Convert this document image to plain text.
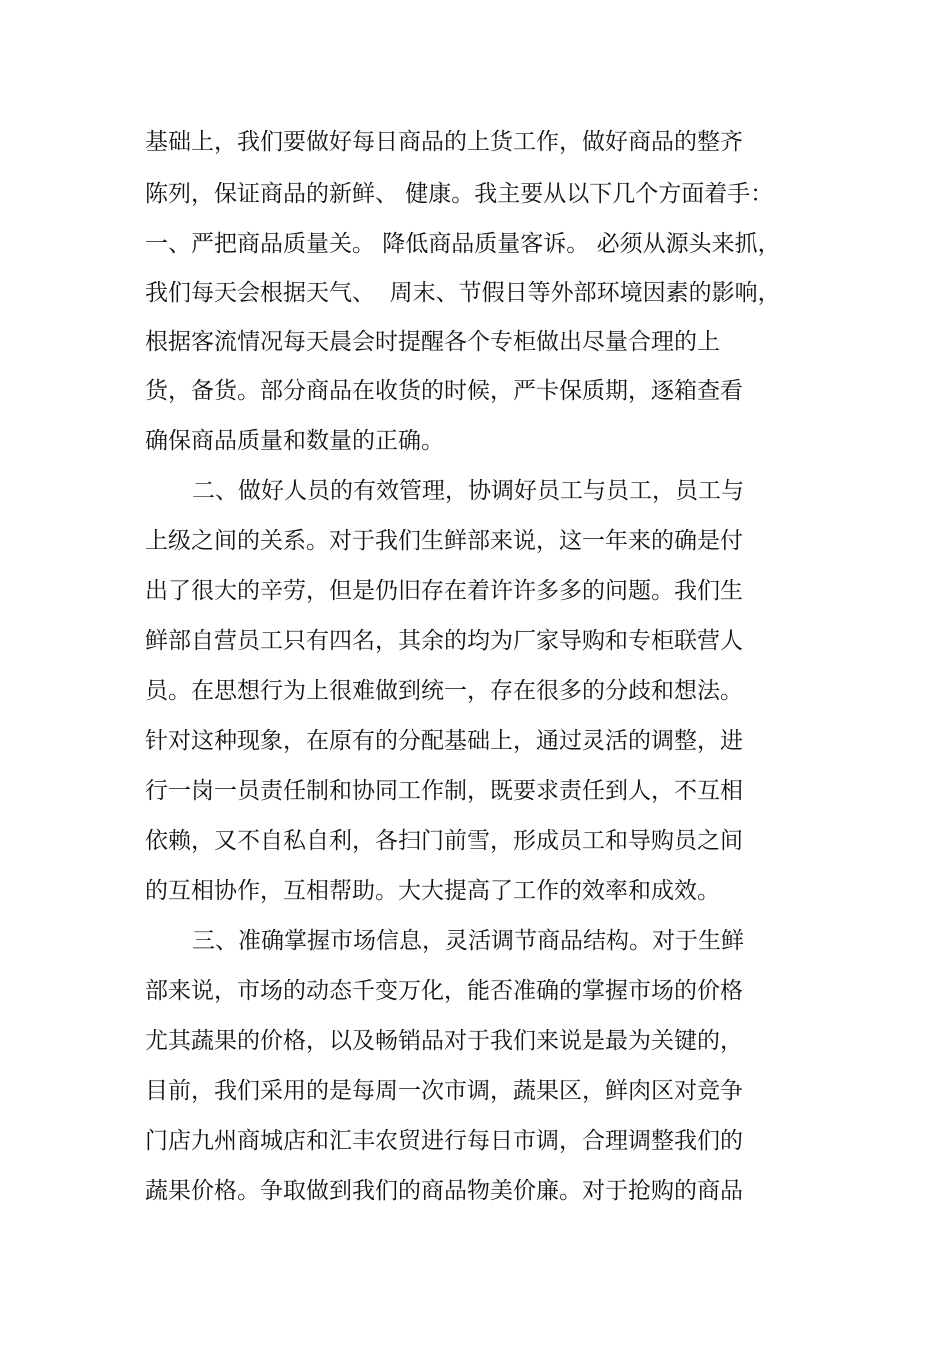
基础上，我们要做好每日商品的上货工作，做好商品的整齐
陈列，保证商品的新鲜、 健康。我主要从以下几个方面着手：
一、严把商品质量关。 降低商品质量客诉。 必须从源头来抓，
我们每天会根据天气、  周末、节假日等外部环境因素的影响，
根据客流情况每天晨会时提醒各个专柜做出尽量合理的上
货，备货。部分商品在收货的时候，严卡保质期，逐箱查看
确保商品质量和数量的正确。
二、做好人员的有效管理，协调好员工与员工，员工与
上级之间的关系。对于我们生鲜部来说，这一年来的确是付
出了很大的辛劳，但是仍旧存在着许许多多的问题。我们生
鲜部自营员工只有四名，其余的均为厂家导购和专柜联营人
员。在思想行为上很难做到统一，存在很多的分歧和想法。
针对这种现象，在原有的分配基础上，通过灵活的调整，进
行一岗一员责任制和协同工作制，既要求责任到人，不互相
依赖，又不自私自利，各扫门前雪，形成员工和导购员之间
的互相协作，互相帮助。大大提高了工作的效率和成效。
三、准确掌握市场信息，灵活调节商品结构。对于生鲜
部来说，市场的动态千变万化，能否准确的掌握市场的价格
尤其蔬果的价格，以及畅销品对于我们来说是最为关键的，
目前，我们采用的是每周一次市调，蔬果区，鲜肉区对竞争
门店九州商城店和汇丰农贸进行每日市调，合理调整我们的
蔬果价格。争取做到我们的商品物美价廉。对于抢购的商品
